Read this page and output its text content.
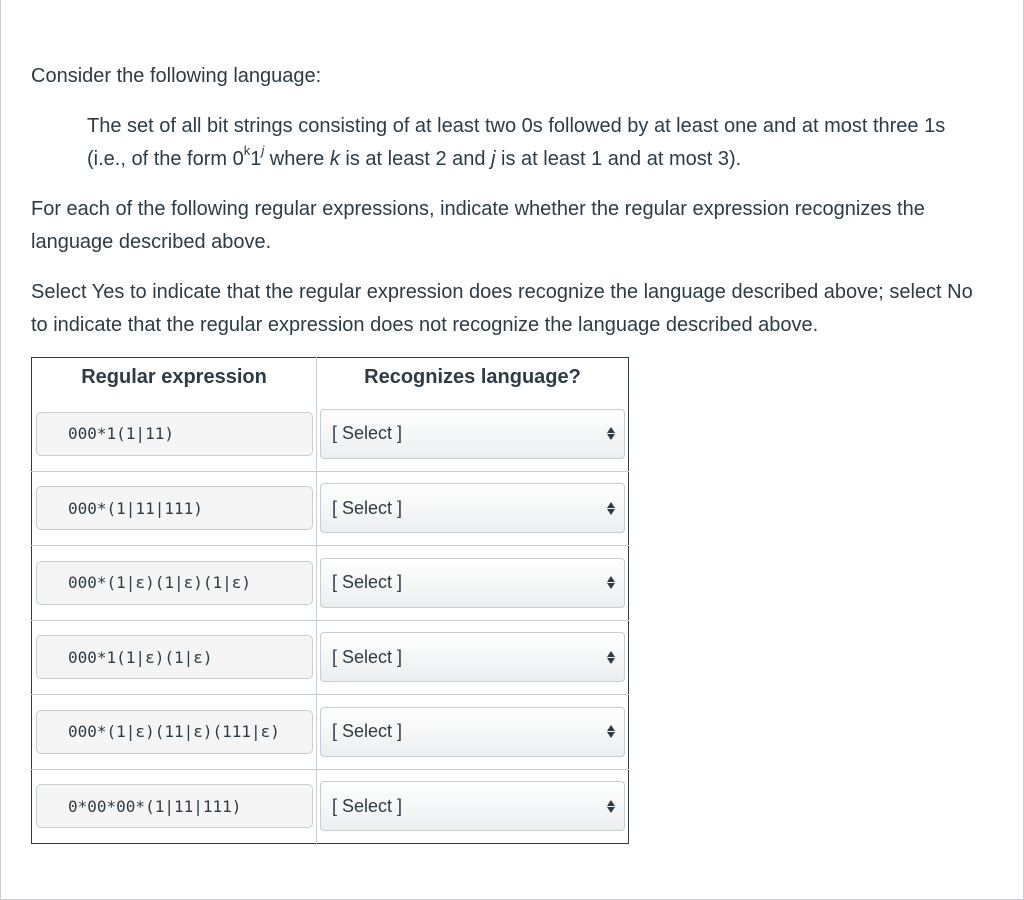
Consider the following language:

The set of all bit strings consisting of at least two 0s followed by at least one and at most three 1s (i.e., of the form 0$^k$1$^j$ where k is at least 2 and j is at least 1 and at most 3).

For each of the following regular expressions, indicate whether the regular expression recognizes the language described above.

Select Yes to indicate that the regular expression does recognize the language described above; select No to indicate that the regular expression does not recognize the language described above.

Regular expression	Recognizes language?

000*1(1|11)	[ Select ]

000*(1|11|111)	[ Select ]

000*(1|ε)(1|ε)(1|ε)	[ Select ]

000*1(1|ε)(1|ε)	[ Select ]

000*(1|ε)(11|ε)(111|ε)	[ Select ]

0*00*00*(1|11|111)	[ Select ]
